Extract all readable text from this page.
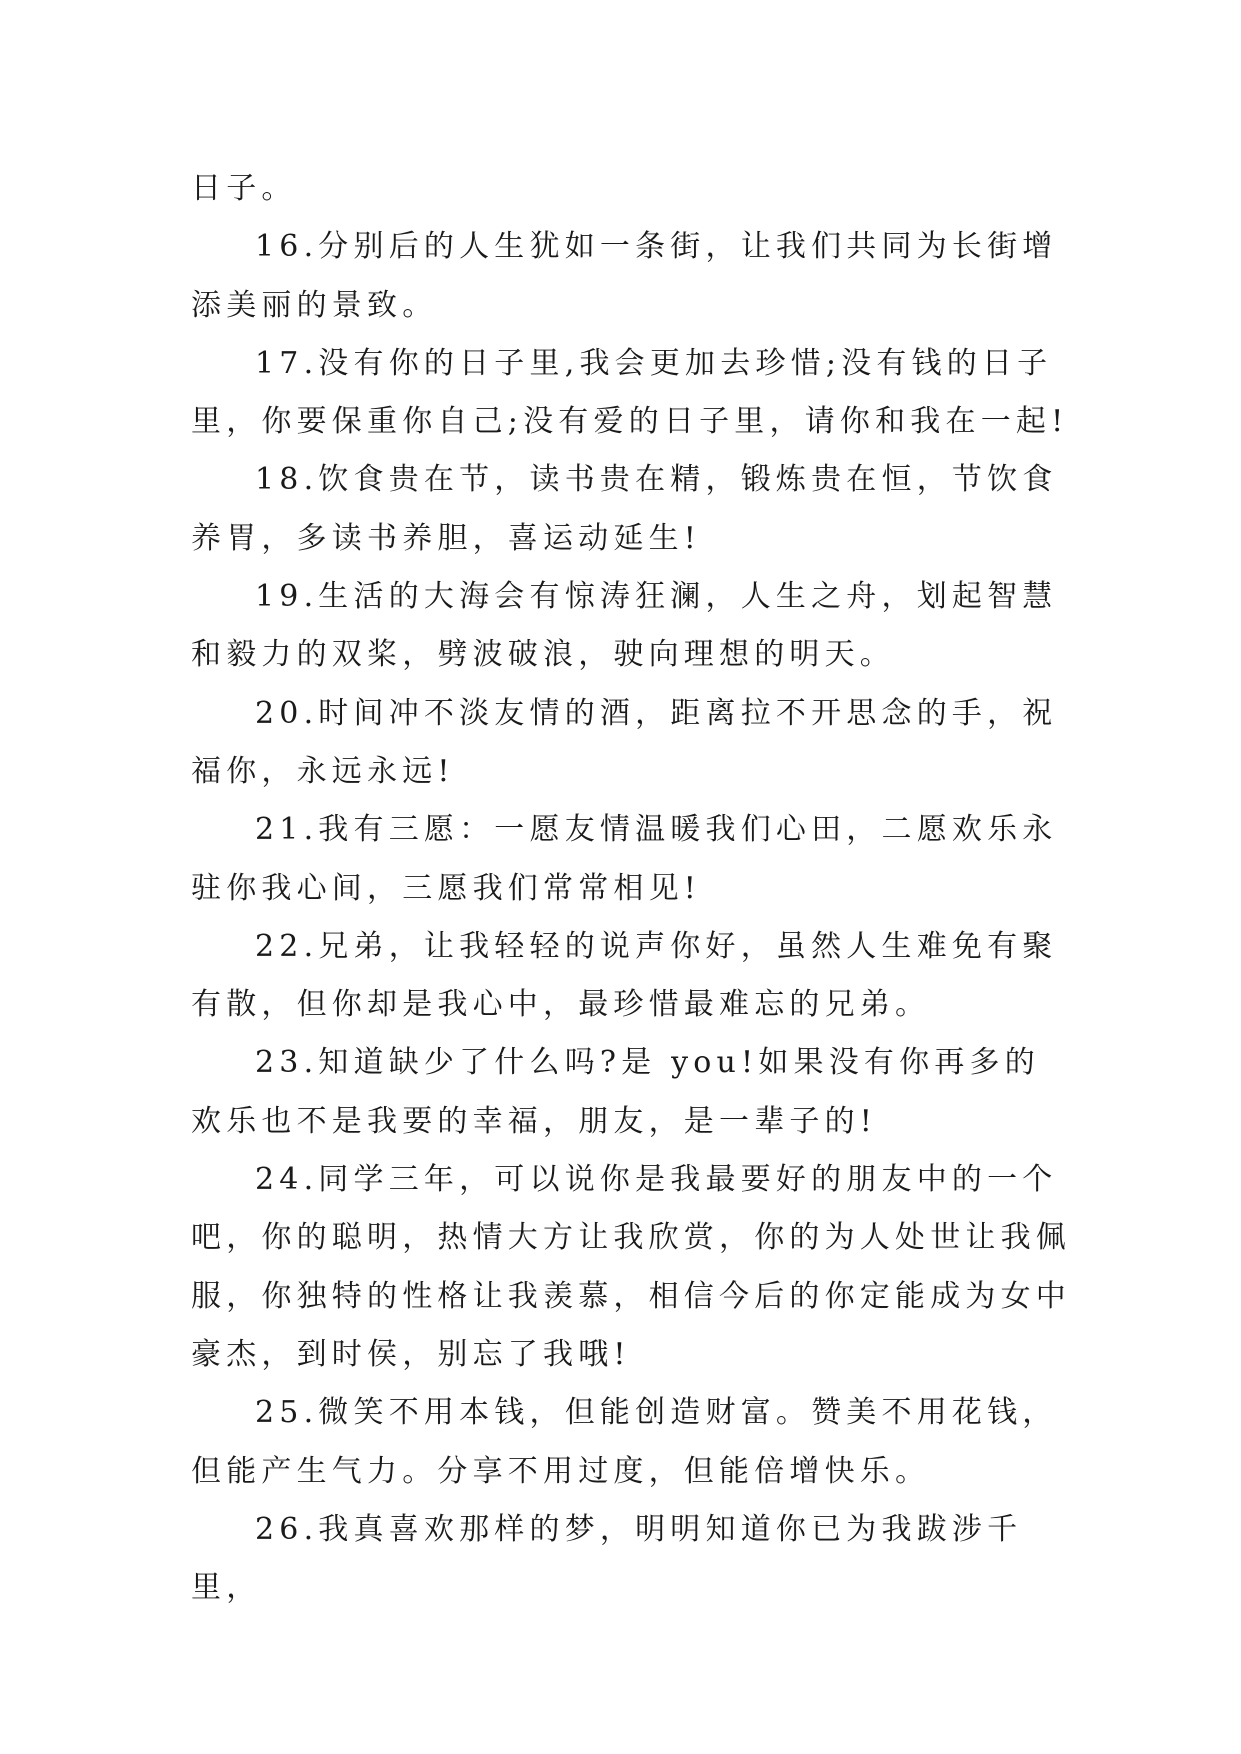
日子。

16.分别后的人生犹如一条街，让我们共同为长街增添美丽的景致。

17.没有你的日子里,我会更加去珍惜;没有钱的日子里，你要保重你自己;没有爱的日子里，请你和我在一起!

18.饮食贵在节，读书贵在精，锻炼贵在恒，节饮食养胃，多读书养胆，喜运动延生!

19.生活的大海会有惊涛狂澜，人生之舟，划起智慧和毅力的双桨，劈波破浪，驶向理想的明天。

20.时间冲不淡友情的酒，距离拉不开思念的手，祝福你，永远永远!

21.我有三愿：一愿友情温暖我们心田，二愿欢乐永驻你我心间，三愿我们常常相见!

22.兄弟，让我轻轻的说声你好，虽然人生难免有聚有散，但你却是我心中，最珍惜最难忘的兄弟。

23.知道缺少了什么吗?是 you!如果没有你再多的欢乐也不是我要的幸福，朋友，是一辈子的!

24.同学三年，可以说你是我最要好的朋友中的一个吧，你的聪明，热情大方让我欣赏，你的为人处世让我佩服，你独特的性格让我羡慕，相信今后的你定能成为女中豪杰，到时侯，别忘了我哦!

25.微笑不用本钱，但能创造财富。赞美不用花钱，但能产生气力。分享不用过度，但能倍增快乐。

26.我真喜欢那样的梦，明明知道你已为我跋涉千里，
